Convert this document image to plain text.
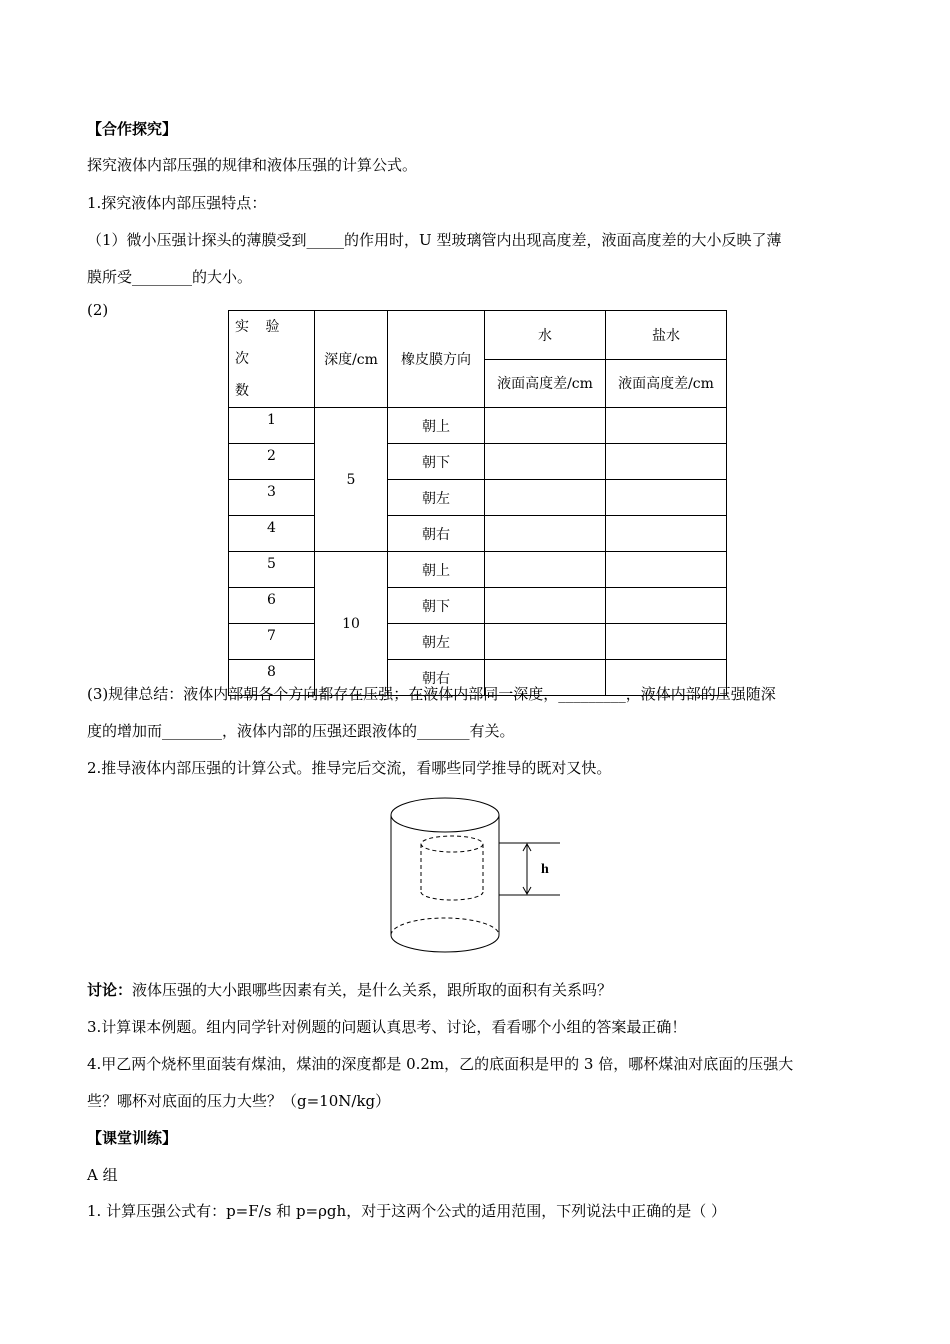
【合作探究】
探究液体内部压强的规律和液体压强的计算公式。
1.探究液体内部压强特点：
（1）微小压强计探头的薄膜受到_____的作用时，U 型玻璃管内出现高度差，液面高度差的大小反映了薄
膜所受________的大小。
(2)
实 验 次
数	深度/cm	橡皮膜方向	水	盐水
			液面高度差/cm	液面高度差/cm
1	5	朝上		
2		朝下		
3		朝左		
4		朝右		
5	10	朝上		
6		朝下		
7		朝左		
8		朝右		
(3)规律总结：液体内部朝各个方向都存在压强；在液体内部同一深度，_________，液体内部的压强随深
度的增加而________，液体内部的压强还跟液体的_______有关。
2.推导液体内部压强的计算公式。推导完后交流，看哪些同学推导的既对又快。
h
讨论：液体压强的大小跟哪些因素有关，是什么关系，跟所取的面积有关系吗？
3.计算课本例题。组内同学针对例题的问题认真思考、讨论，看看哪个小组的答案最正确！
4.甲乙两个烧杯里面装有煤油，煤油的深度都是 0.2m，乙的底面积是甲的 3 倍，哪杯煤油对底面的压强大
些？哪杯对底面的压力大些？（g=10N/kg）
【课堂训练】
A 组
1. 计算压强公式有：p=F/s 和 p=ρgh，对于这两个公式的适用范围，下列说法中正确的是（ ）
